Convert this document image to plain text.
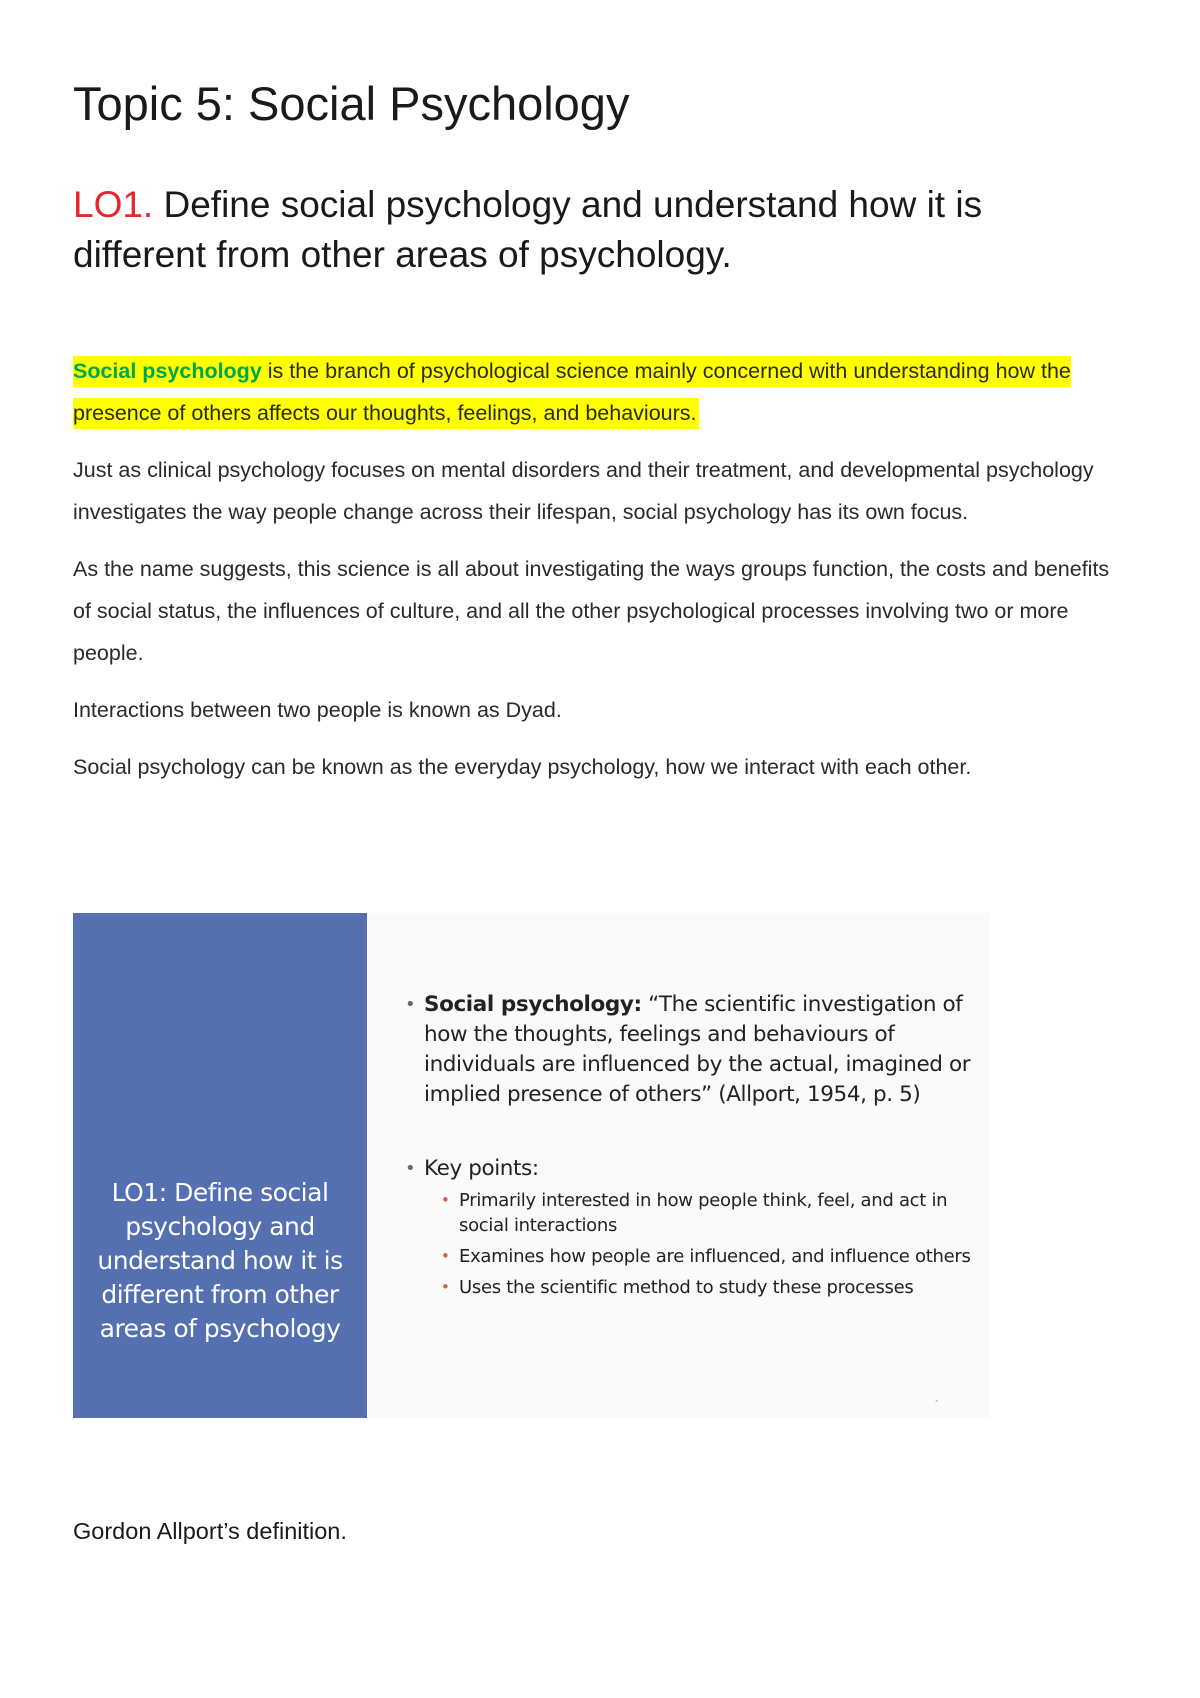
Topic 5: Social Psychology
LO1. Define social psychology and understand how it is different from other areas of psychology.

Social psychology is the branch of psychological science mainly concerned with understanding how the presence of others affects our thoughts, feelings, and behaviours.

Just as clinical psychology focuses on mental disorders and their treatment, and developmental psychology investigates the way people change across their lifespan, social psychology has its own focus.

As the name suggests, this science is all about investigating the ways groups function, the costs and benefits of social status, the influences of culture, and all the other psychological processes involving two or more people.

Interactions between two people is known as Dyad.

Social psychology can be known as the everyday psychology, how we interact with each other.

LO1: Define social psychology and understand how it is different from other areas of psychology
• Social psychology: “The scientific investigation of how the thoughts, feelings and behaviours of individuals are influenced by the actual, imagined or implied presence of others” (Allport, 1954, p. 5)
• Key points:
• Primarily interested in how people think, feel, and act in social interactions
• Examines how people are influenced, and influence others
• Uses the scientific method to study these processes
´
Gordon Allport’s definition.
